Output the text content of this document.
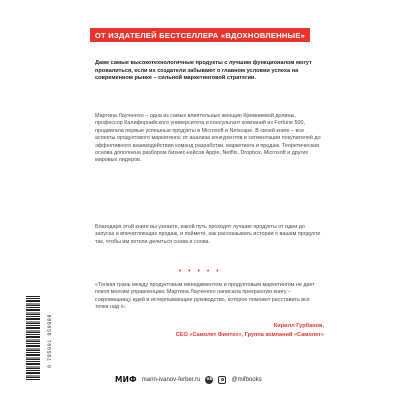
ОТ ИЗДАТЕЛЕЙ БЕСТСЕЛЛЕРА «ВДОХНОВЛЕННЫЕ»
Даже самые высокотехнологичные продукты с лучшим функционалом могут провалиться, если их создатели забывают о главном условии успеха на современном рынке – сильной маркетинговой стратегии.
Мартина Лаученгко – одна из самых влиятельных женщин Кремниевой долины, профессор Калифорнийского университета и консультант компаний из Fortune 500, продвигала первые успешные продукты в Microsoft и Netscape. В своей книге – все аспекты продуктового маркетинга: от анализа конкурентов и сегментации покупателей до эффективного взаимодействия команд разработки, маркетинга и продаж. Теоретическая основа дополнена разбором бизнес-кейсов Apple, Netflix, Dropbox, Microsoft и других мировых лидеров.
Благодаря этой книге вы узнаете, какой путь проходят лучшие продукты от идеи до запуска и впечатляющих продаж, и поймете, как рассказывать истории о вашем продукте так, чтобы им хотели делиться снова и снова.
• • • • •
«Тонкая грань между продуктовым менеджментом и продуктовым маркетингом не дает покоя многим управленцам. Мартина Лаученгко написала прекрасную книгу – сокровищницу идей и исчерпывающее руководство, которое поможет расставить все точки над i».
Кирилл Гурбанов,
CEO «Самолет Финтех», Группа компаний «Самолет»
9 785001 959988
МИФ mann-ivanov-ferber.ru vk	@mifbooks
